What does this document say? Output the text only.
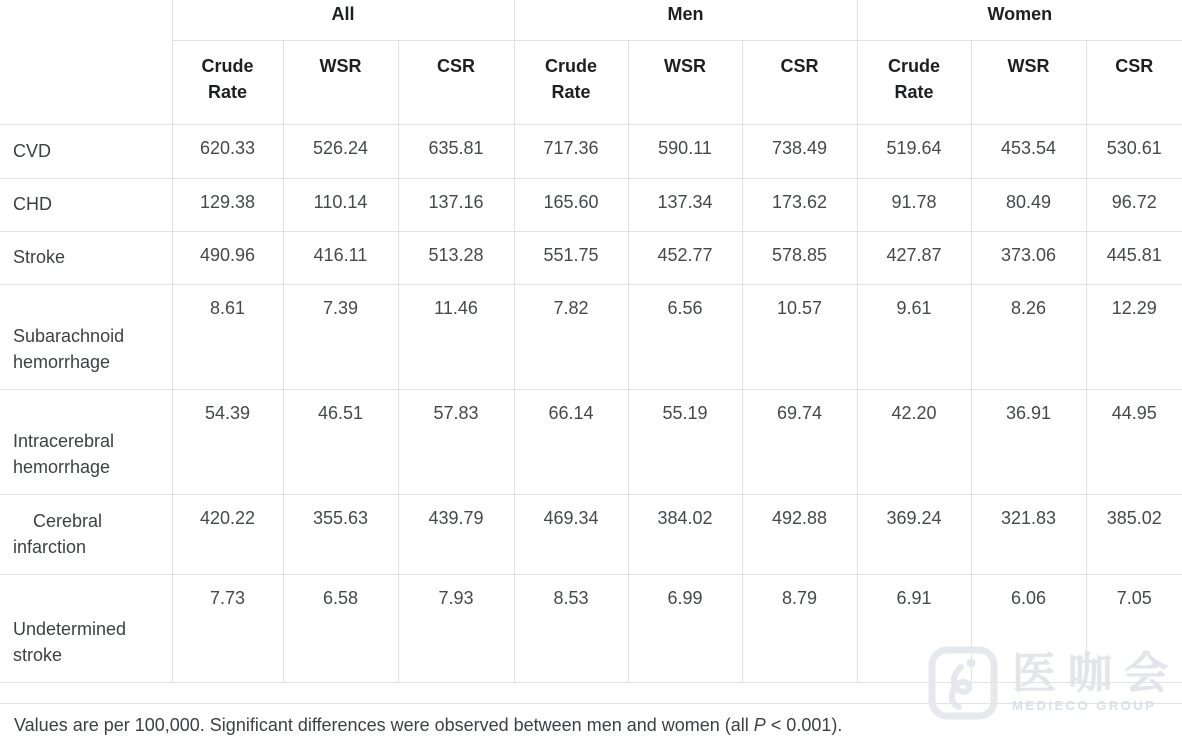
	All			Men			Women		
	Crude Rate	WSR	CSR	Crude Rate	WSR	CSR	Crude Rate	WSR	CSR
CVD	620.33	526.24	635.81	717.36	590.11	738.49	519.64	453.54	530.61
CHD	129.38	110.14	137.16	165.60	137.34	173.62	91.78	80.49	96.72
Stroke	490.96	416.11	513.28	551.75	452.77	578.85	427.87	373.06	445.81
Subarachnoid hemorrhage	8.61	7.39	11.46	7.82	6.56	10.57	9.61	8.26	12.29
Intracerebral hemorrhage	54.39	46.51	57.83	66.14	55.19	69.74	42.20	36.91	44.95
Cerebral infarction	420.22	355.63	439.79	469.34	384.02	492.88	369.24	321.83	385.02
Undetermined stroke	7.73	6.58	7.93	8.53	6.99	8.79	6.91	6.06	7.05
Values are per 100,000. Significant differences were observed between men and women (all P < 0.001).
医咖会
MEDIECO GROUP
